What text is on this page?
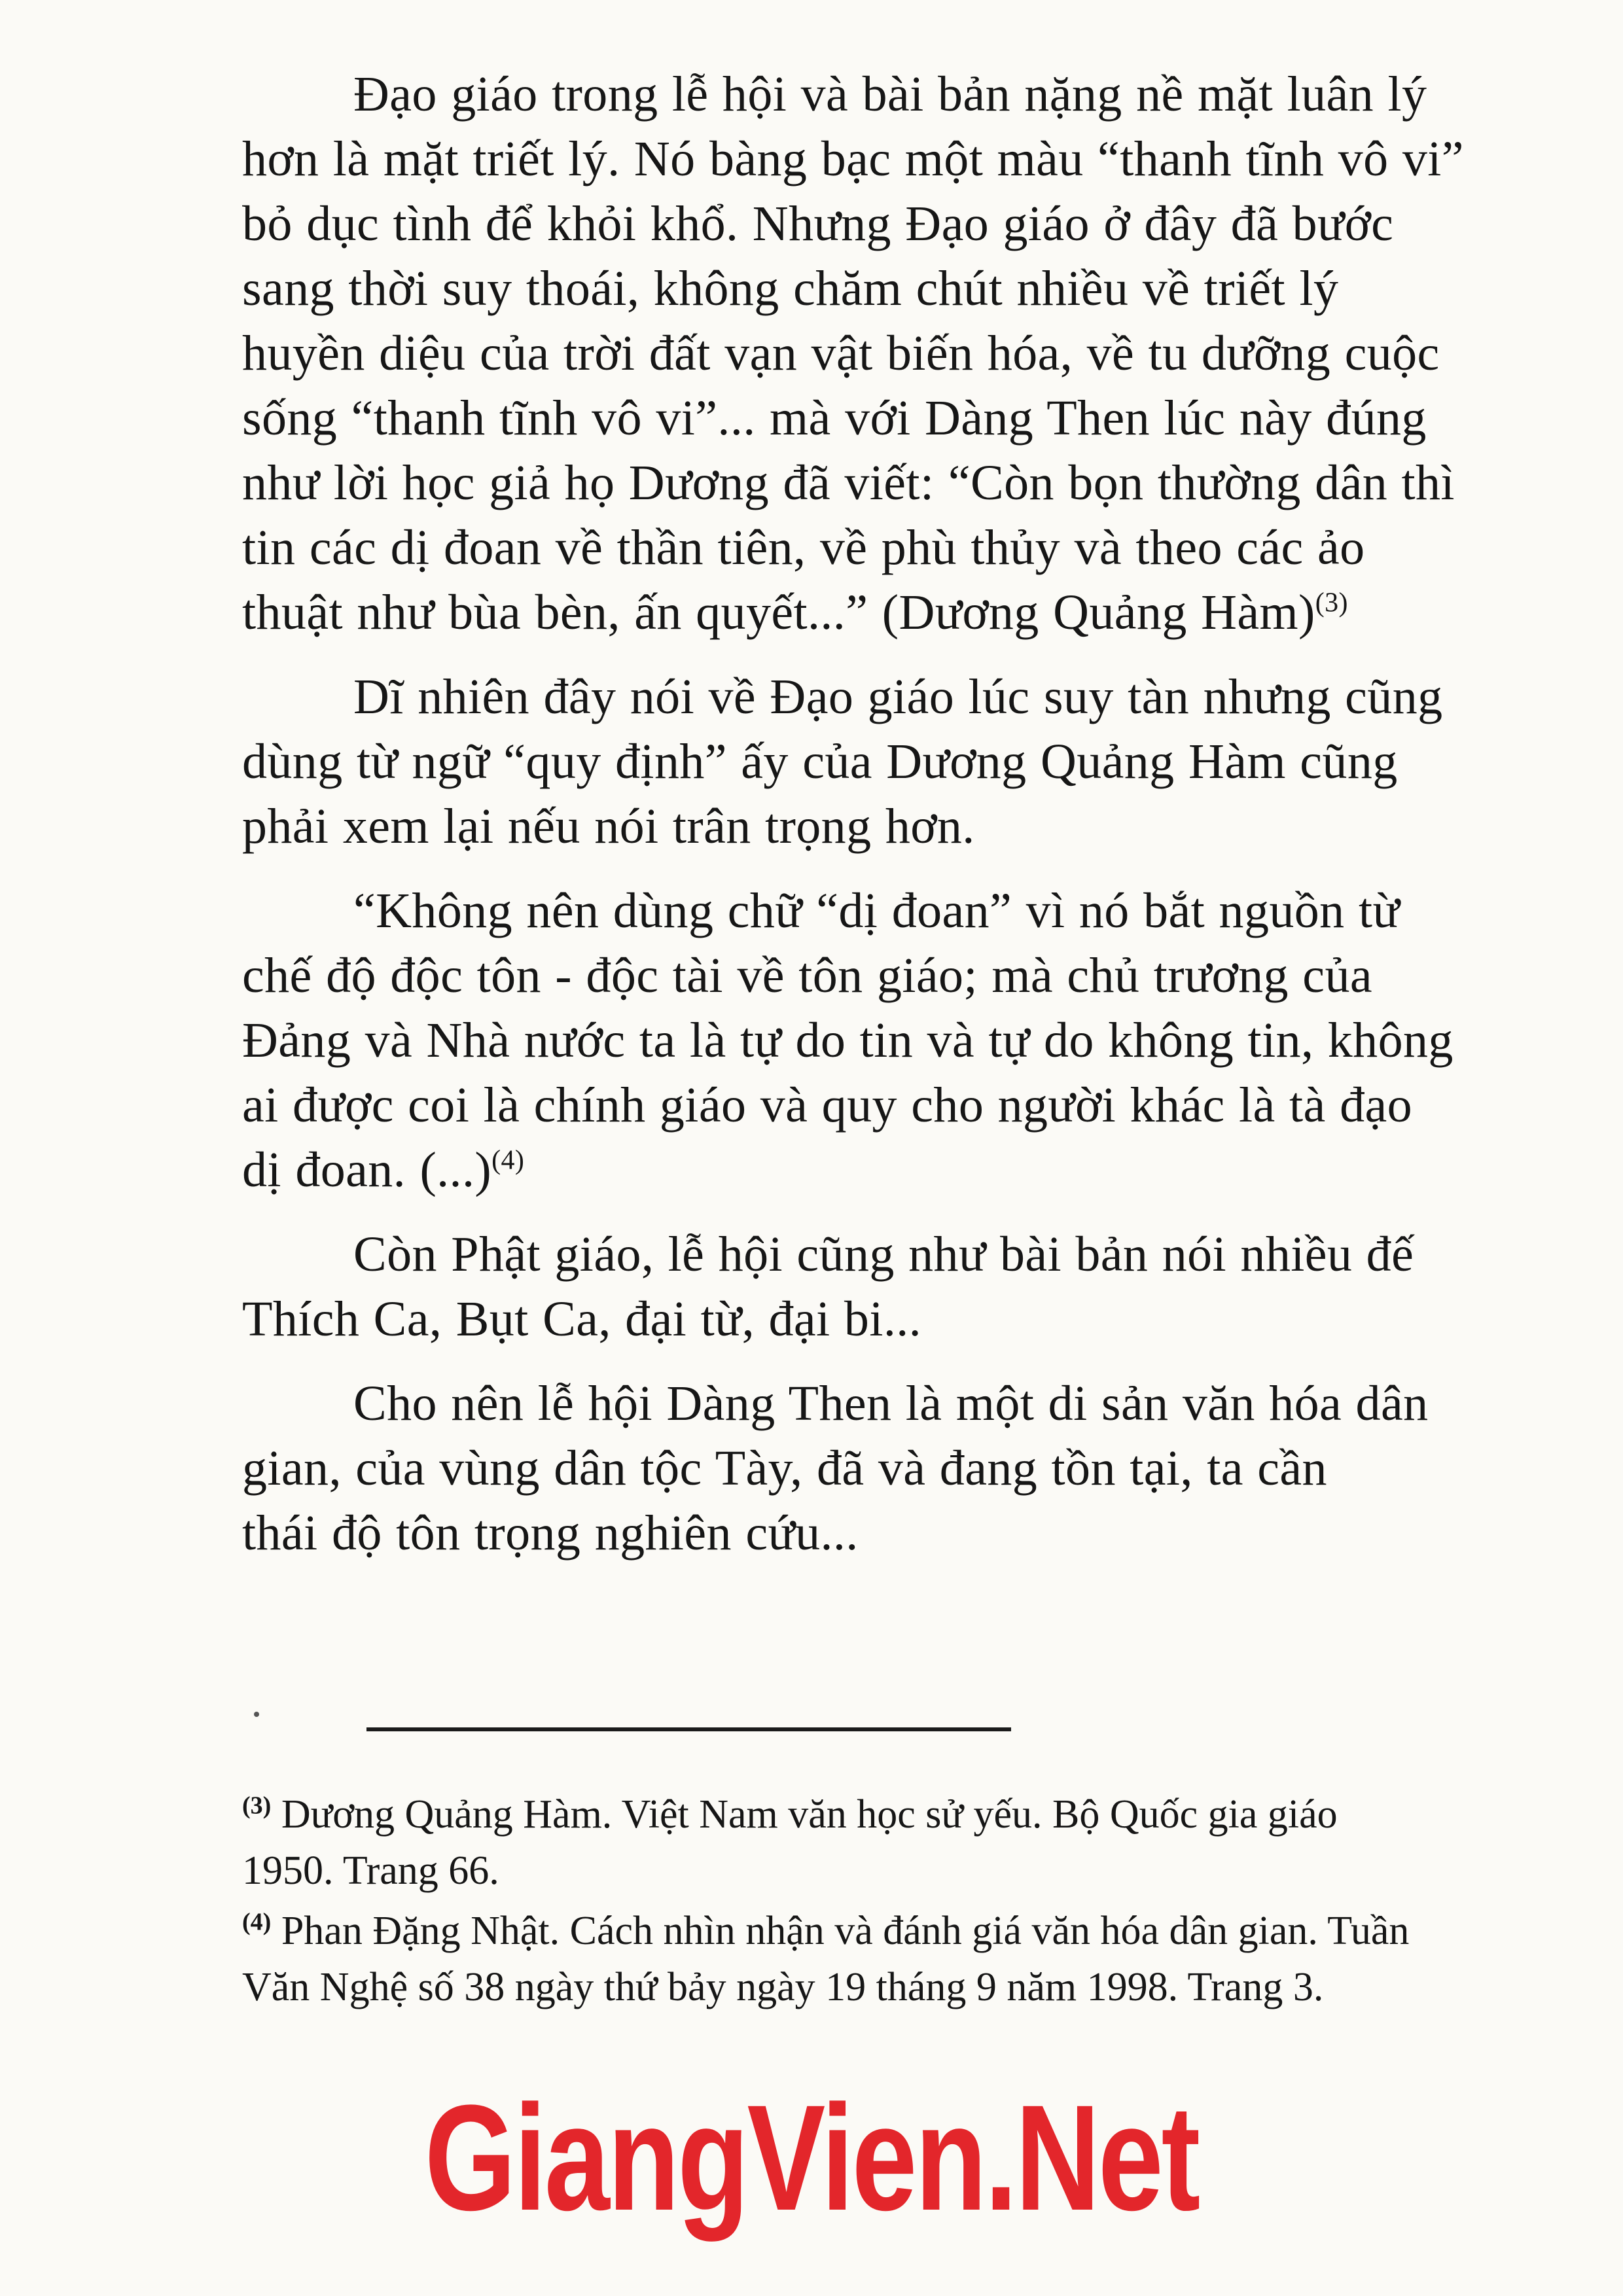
Đạo giáo trong lễ hội và bài bản nặng nề mặt luân lý
hơn là mặt triết lý. Nó bàng bạc một màu “thanh tĩnh vô vi”
bỏ dục tình để khỏi khổ. Nhưng Đạo giáo ở đây đã bước
sang thời suy thoái, không chăm chút nhiều về triết lý
huyền diệu của trời đất vạn vật biến hóa, về tu dưỡng cuộc
sống “thanh tĩnh vô vi”... mà với Dàng Then lúc này đúng
như lời học giả họ Dương đã viết: “Còn bọn thường dân thì
tin các dị đoan về thần tiên, về phù thủy và theo các ảo
thuật như bùa bèn, ấn quyết...” (Dương Quảng Hàm)$^{(3)}$

Dĩ nhiên đây nói về Đạo giáo lúc suy tàn nhưng cũng
dùng từ ngữ “quy định” ấy của Dương Quảng Hàm cũng
phải xem lại nếu nói trân trọng hơn.

“Không nên dùng chữ “dị đoan” vì nó bắt nguồn từ
chế độ độc tôn - độc tài về tôn giáo; mà chủ trương của
Đảng và Nhà nước ta là tự do tin và tự do không tin, không
ai được coi là chính giáo và quy cho người khác là tà đạo
dị đoan. (...)$^{(4)}$

Còn Phật giáo, lễ hội cũng như bài bản nói nhiều đế
Thích Ca, Bụt Ca, đại từ, đại bi...

Cho nên lễ hội Dàng Then là một di sản văn hóa dân
gian, của vùng dân tộc Tày, đã và đang tồn tại, ta cần
thái độ tôn trọng nghiên cứu...

$^{(3)}$ Dương Quảng Hàm. Việt Nam văn học sử yếu. Bộ Quốc gia giáo
1950. Trang 66.

$^{(4)}$ Phan Đặng Nhật. Cách nhìn nhận và đánh giá văn hóa dân gian. Tuần
Văn Nghệ số 38 ngày thứ bảy ngày 19 tháng 9 năm 1998. Trang 3.

GiangVien.Net
